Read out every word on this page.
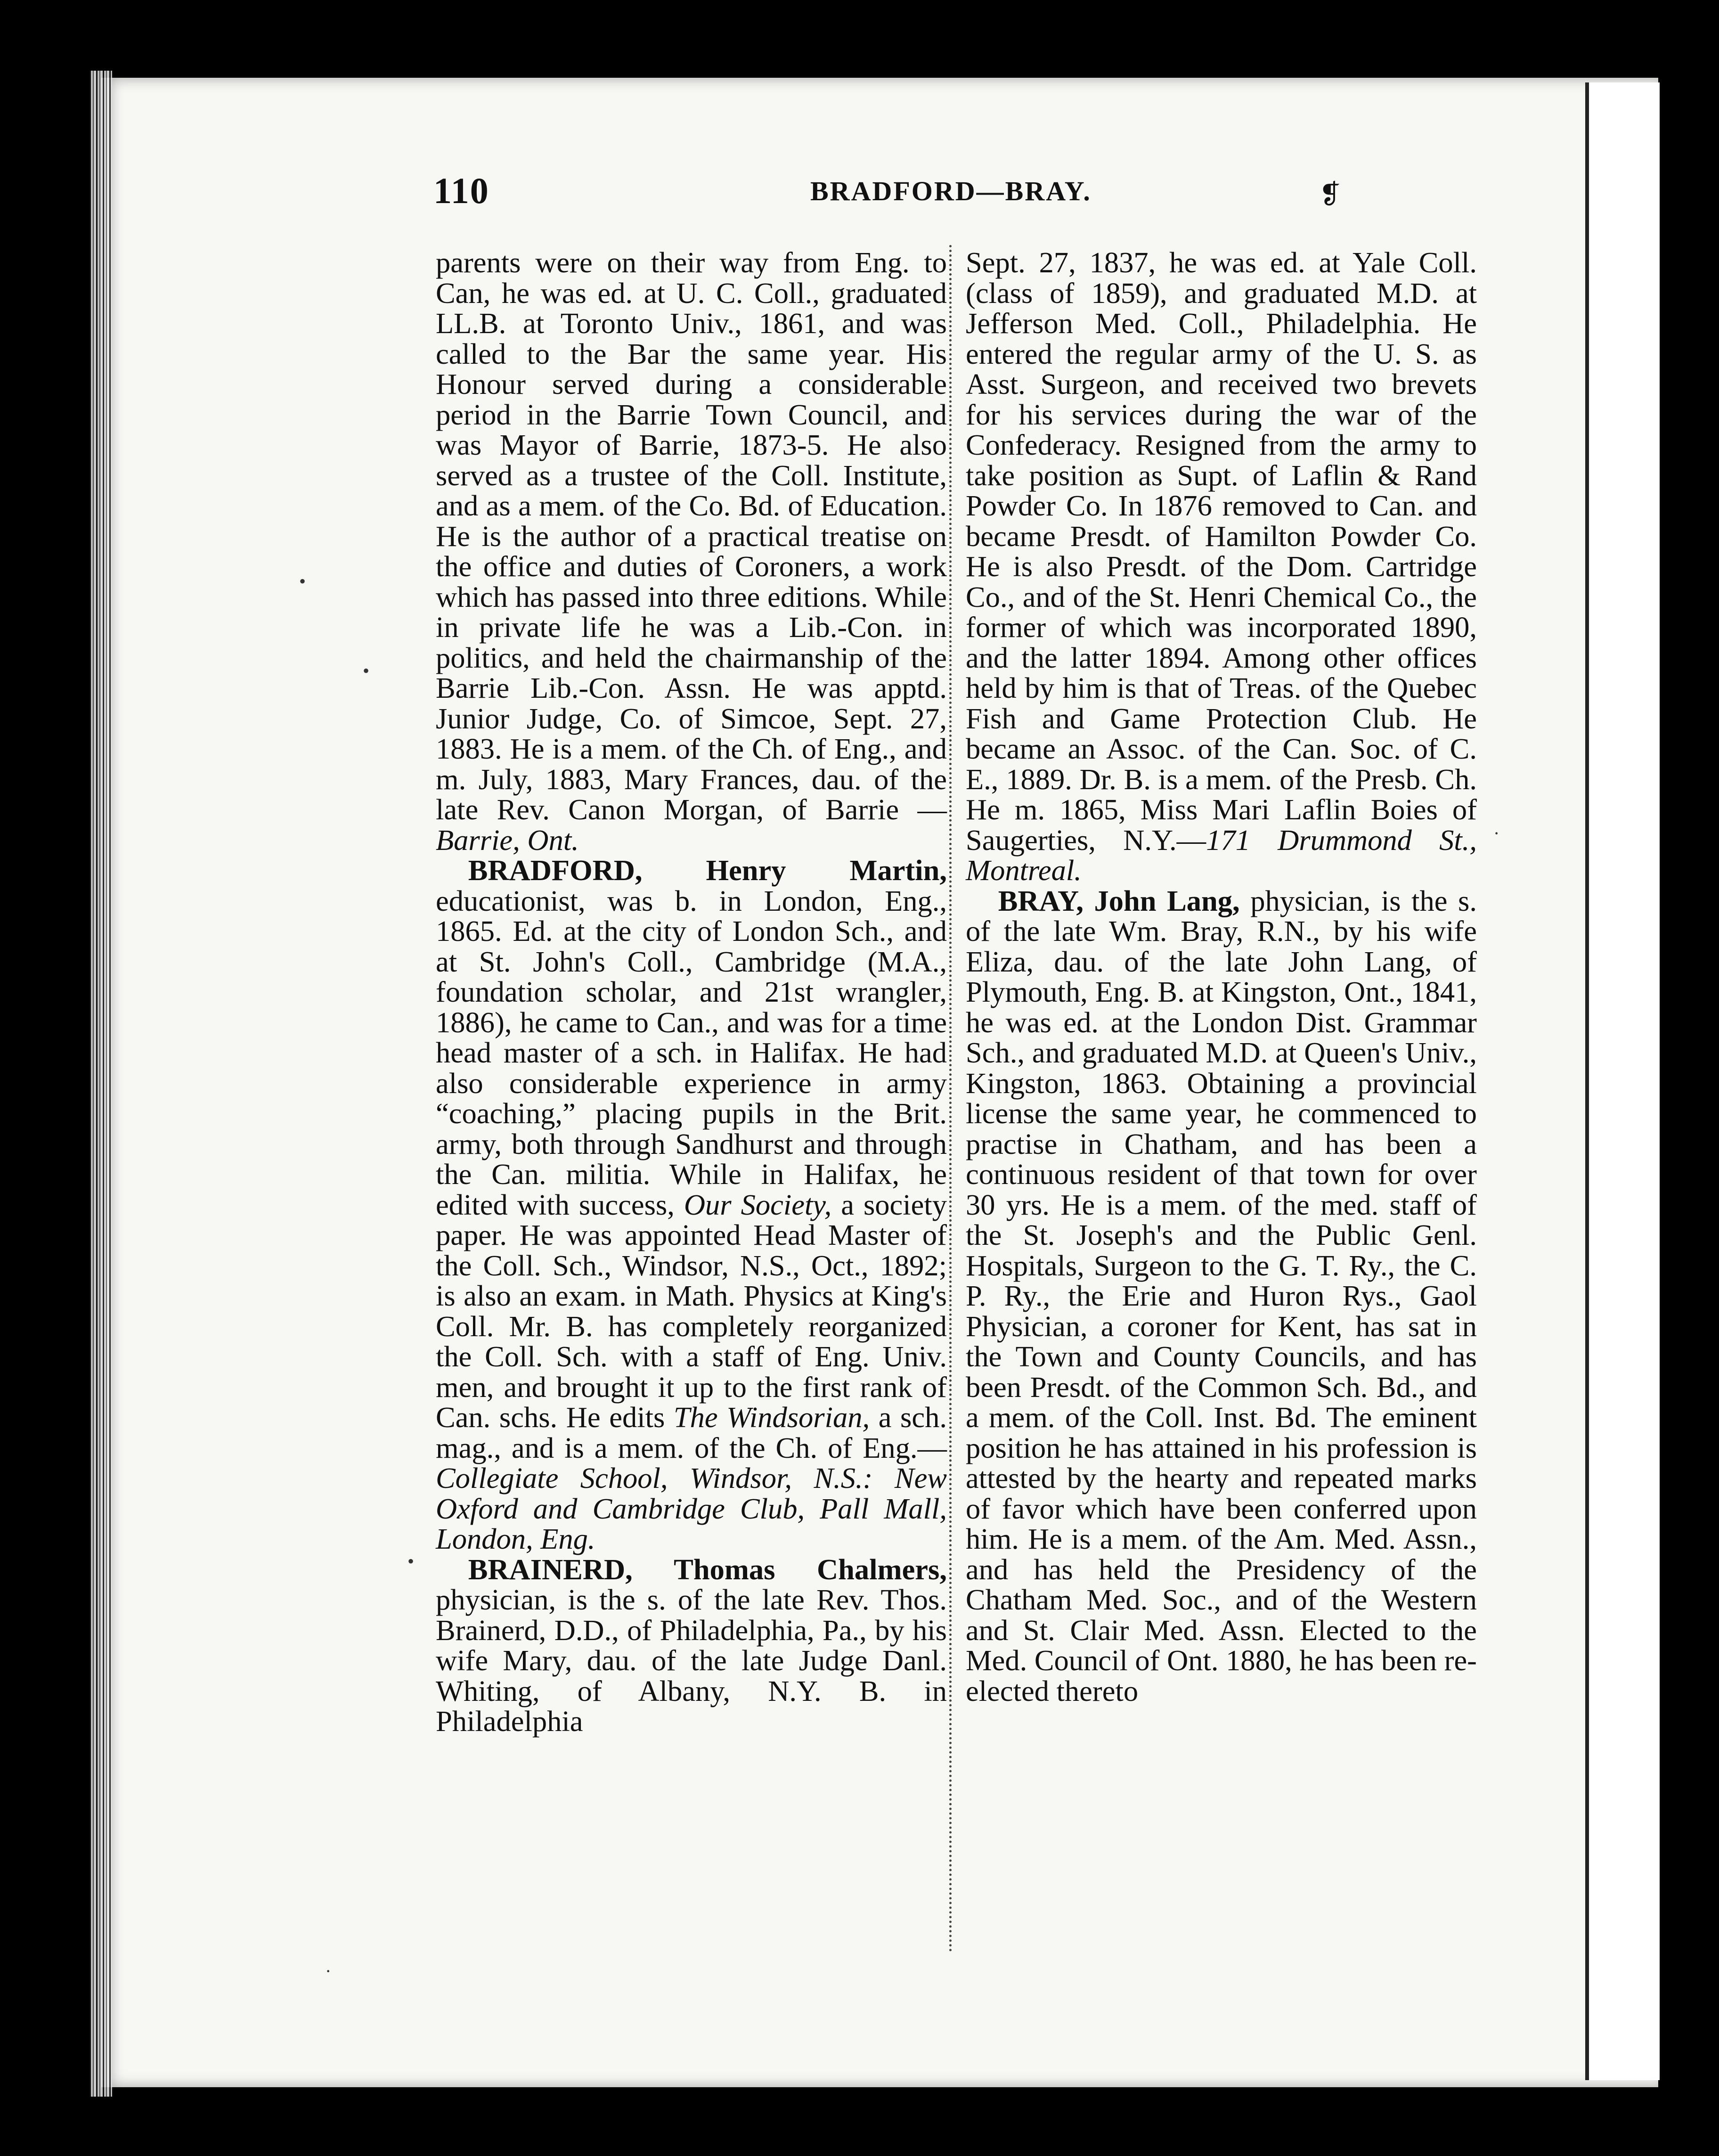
110	BRADFORD—BRAY.	❡

parents were on their way from Eng. to Can, he was ed. at U. C. Coll., graduated LL.B. at Toronto Univ., 1861, and was called to the Bar the same year. His Honour served during a considerable period in the Barrie Town Council, and was Mayor of Barrie, 1873-5. He also served as a trustee of the Coll. Institute, and as a mem. of the Co. Bd. of Education. He is the author of a practical treatise on the office and duties of Coroners, a work which has passed into three editions. While in private life he was a Lib.-Con. in politics, and held the chairmanship of the Barrie Lib.-Con. Assn. He was apptd. Junior Judge, Co. of Simcoe, Sept. 27, 1883. He is a mem. of the Ch. of Eng., and m. July, 1883, Mary Frances, dau. of the late Rev. Canon Morgan, of Barrie —Barrie, Ont.

BRADFORD, Henry Martin, educationist, was b. in London, Eng., 1865. Ed. at the city of London Sch., and at St. John's Coll., Cambridge (M.A., foundation scholar, and 21st wrangler, 1886), he came to Can., and was for a time head master of a sch. in Halifax. He had also considerable experience in army “coaching,” placing pupils in the Brit. army, both through Sandhurst and through the Can. militia. While in Halifax, he edited with success, Our Society, a society paper. He was appointed Head Master of the Coll. Sch., Windsor, N.S., Oct., 1892; is also an exam. in Math. Physics at King's Coll. Mr. B. has completely reorganized the Coll. Sch. with a staff of Eng. Univ. men, and brought it up to the first rank of Can. schs. He edits The Windsorian, a sch. mag., and is a mem. of the Ch. of Eng.—Collegiate School, Windsor, N.S.: New Oxford and Cambridge Club, Pall Mall, London, Eng.

BRAINERD, Thomas Chalmers, physician, is the s. of the late Rev. Thos. Brainerd, D.D., of Philadelphia, Pa., by his wife Mary, dau. of the late Judge Danl. Whiting, of Albany, N.Y. B. in Philadelphia

Sept. 27, 1837, he was ed. at Yale Coll. (class of 1859), and graduated M.D. at Jefferson Med. Coll., Philadelphia. He entered the regular army of the U. S. as Asst. Surgeon, and received two brevets for his services during the war of the Confederacy. Resigned from the army to take position as Supt. of Laflin & Rand Powder Co. In 1876 removed to Can. and became Presdt. of Hamilton Powder Co. He is also Presdt. of the Dom. Cartridge Co., and of the St. Henri Chemical Co., the former of which was incorporated 1890, and the latter 1894. Among other offices held by him is that of Treas. of the Quebec Fish and Game Protection Club. He became an Assoc. of the Can. Soc. of C. E., 1889. Dr. B. is a mem. of the Presb. Ch. He m. 1865, Miss Mari Laflin Boies of Saugerties, N.Y.—171 Drummond St., Montreal.

BRAY, John Lang, physician, is the s. of the late Wm. Bray, R.N., by his wife Eliza, dau. of the late John Lang, of Plymouth, Eng. B. at Kingston, Ont., 1841, he was ed. at the London Dist. Grammar Sch., and graduated M.D. at Queen's Univ., Kingston, 1863. Obtaining a provincial license the same year, he commenced to practise in Chatham, and has been a continuous resident of that town for over 30 yrs. He is a mem. of the med. staff of the St. Joseph's and the Public Genl. Hospitals, Surgeon to the G. T. Ry., the C. P. Ry., the Erie and Huron Rys., Gaol Physician, a coroner for Kent, has sat in the Town and County Councils, and has been Presdt. of the Common Sch. Bd., and a mem. of the Coll. Inst. Bd. The eminent position he has attained in his profession is attested by the hearty and repeated marks of favor which have been conferred upon him. He is a mem. of the Am. Med. Assn., and has held the Presidency of the Chatham Med. Soc., and of the Western and St. Clair Med. Assn. Elected to the Med. Council of Ont. 1880, he has been re-elected thereto

•
•
·
•
·
